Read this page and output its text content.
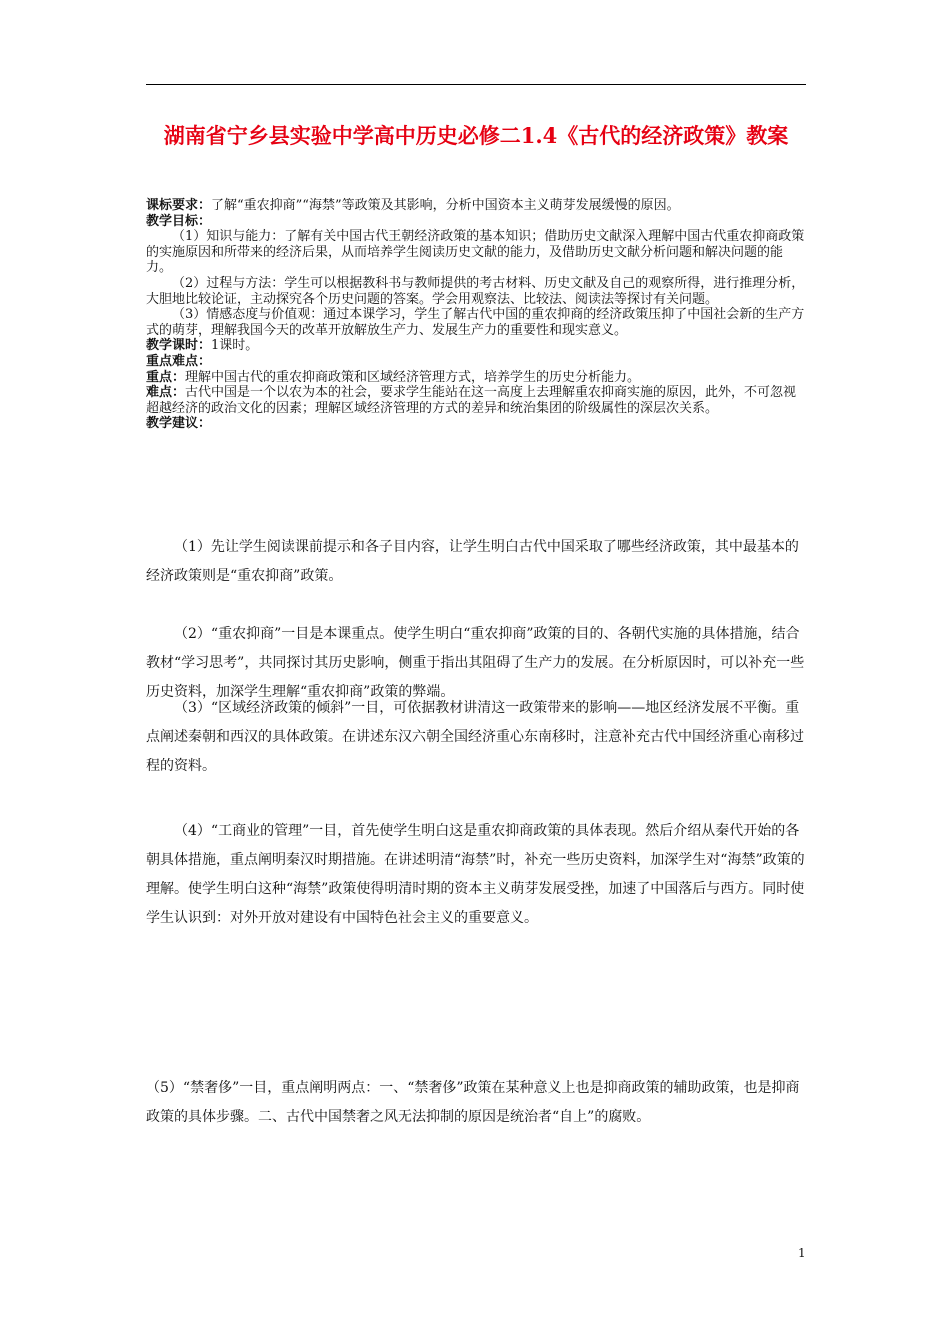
湖南省宁乡县实验中学高中历史必修二1.4《古代的经济政策》教案

课标要求：了解“重农抑商”“海禁”等政策及其影响，分析中国资本主义萌芽发展缓慢的原因。

教学目标：

（1）知识与能力：了解有关中国古代王朝经济政策的基本知识；借助历史文献深入理解中国古代重农抑商政策的实施原因和所带来的经济后果，从而培养学生阅读历史文献的能力，及借助历史文献分析问题和解决问题的能力。

（2）过程与方法：学生可以根据教科书与教师提供的考古材料、历史文献及自己的观察所得，进行推理分析，大胆地比较论证，主动探究各个历史问题的答案。学会用观察法、比较法、阅读法等探讨有关问题。

（3）情感态度与价值观：通过本课学习，学生了解古代中国的重农抑商的经济政策压抑了中国社会新的生产方式的萌芽，理解我国今天的改革开放解放生产力、发展生产力的重要性和现实意义。

教学课时：1课时。

重点难点：

重点：理解中国古代的重农抑商政策和区域经济管理方式，培养学生的历史分析能力。

难点：古代中国是一个以农为本的社会，要求学生能站在这一高度上去理解重农抑商实施的原因，此外，不可忽视超越经济的政治文化的因素；理解区域经济管理的方式的差异和统治集团的阶级属性的深层次关系。

教学建议：

（1）先让学生阅读课前提示和各子目内容，让学生明白古代中国采取了哪些经济政策，其中最基本的经济政策则是“重农抑商”政策。

（2）“重农抑商”一目是本课重点。使学生明白“重农抑商”政策的目的、各朝代实施的具体措施，结合教材“学习思考”，共同探讨其历史影响，侧重于指出其阻碍了生产力的发展。在分析原因时，可以补充一些历史资料，加深学生理解“重农抑商”政策的弊端。

（3）“区域经济政策的倾斜”一目，可依据教材讲清这一政策带来的影响——地区经济发展不平衡。重点阐述秦朝和西汉的具体政策。在讲述东汉六朝全国经济重心东南移时，注意补充古代中国经济重心南移过程的资料。

（4）“工商业的管理”一目，首先使学生明白这是重农抑商政策的具体表现。然后介绍从秦代开始的各朝具体措施，重点阐明秦汉时期措施。在讲述明清“海禁”时，补充一些历史资料，加深学生对“海禁”政策的理解。使学生明白这种“海禁”政策使得明清时期的资本主义萌芽发展受挫，加速了中国落后与西方。同时使学生认识到：对外开放对建设有中国特色社会主义的重要意义。

（5）“禁奢侈”一目，重点阐明两点：一、“禁奢侈”政策在某种意义上也是抑商政策的辅助政策，也是抑商政策的具体步骤。二、古代中国禁奢之风无法抑制的原因是统治者“自上”的腐败。

1
